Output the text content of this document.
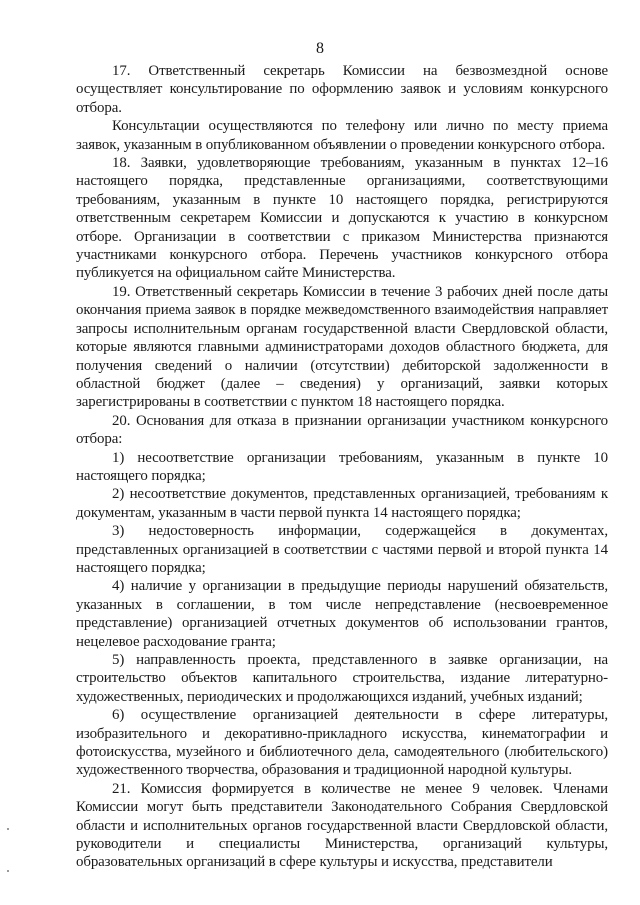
8

17. Ответственный секретарь Комиссии на безвозмездной основе осуществляет консультирование по оформлению заявок и условиям конкурсного отбора.

Консультации осуществляются по телефону или лично по месту приема заявок, указанным в опубликованном объявлении о проведении конкурсного отбора.

18. Заявки, удовлетворяющие требованиям, указанным в пунктах 12–16 настоящего порядка, представленные организациями, соответствующими требованиям, указанным в пункте 10 настоящего порядка, регистрируются ответственным секретарем Комиссии и допускаются к участию в конкурсном отборе. Организации в соответствии с приказом Министерства признаются участниками конкурсного отбора. Перечень участников конкурсного отбора публикуется на официальном сайте Министерства.

19. Ответственный секретарь Комиссии в течение 3 рабочих дней после даты окончания приема заявок в порядке межведомственного взаимодействия направляет запросы исполнительным органам государственной власти Свердловской области, которые являются главными администраторами доходов областного бюджета, для получения сведений о наличии (отсутствии) дебиторской задолженности в областной бюджет (далее – сведения) у организаций, заявки которых зарегистрированы в соответствии с пунктом 18 настоящего порядка.

20. Основания для отказа в признании организации участником конкурсного отбора:

1) несоответствие организации требованиям, указанным в пункте 10 настоящего порядка;

2) несоответствие документов, представленных организацией, требованиям к документам, указанным в части первой пункта 14 настоящего порядка;

3) недостоверность информации, содержащейся в документах, представленных организацией в соответствии с частями первой и второй пункта 14 настоящего порядка;

4) наличие у организации в предыдущие периоды нарушений обязательств, указанных в соглашении, в том числе непредставление (несвоевременное представление) организацией отчетных документов об использовании грантов, нецелевое расходование гранта;

5) направленность проекта, представленного в заявке организации, на строительство объектов капитального строительства, издание литературно-художественных, периодических и продолжающихся изданий, учебных изданий;

6) осуществление организацией деятельности в сфере литературы, изобразительного и декоративно-прикладного искусства, кинематографии и фотоискусства, музейного и библиотечного дела, самодеятельного (любительского) художественного творчества, образования и традиционной народной культуры.

21. Комиссия формируется в количестве не менее 9 человек. Членами Комиссии могут быть представители Законодательного Собрания Свердловской области и исполнительных органов государственной власти Свердловской области, руководители и специалисты Министерства, организаций культуры, образовательных организаций в сфере культуры и искусства, представители
